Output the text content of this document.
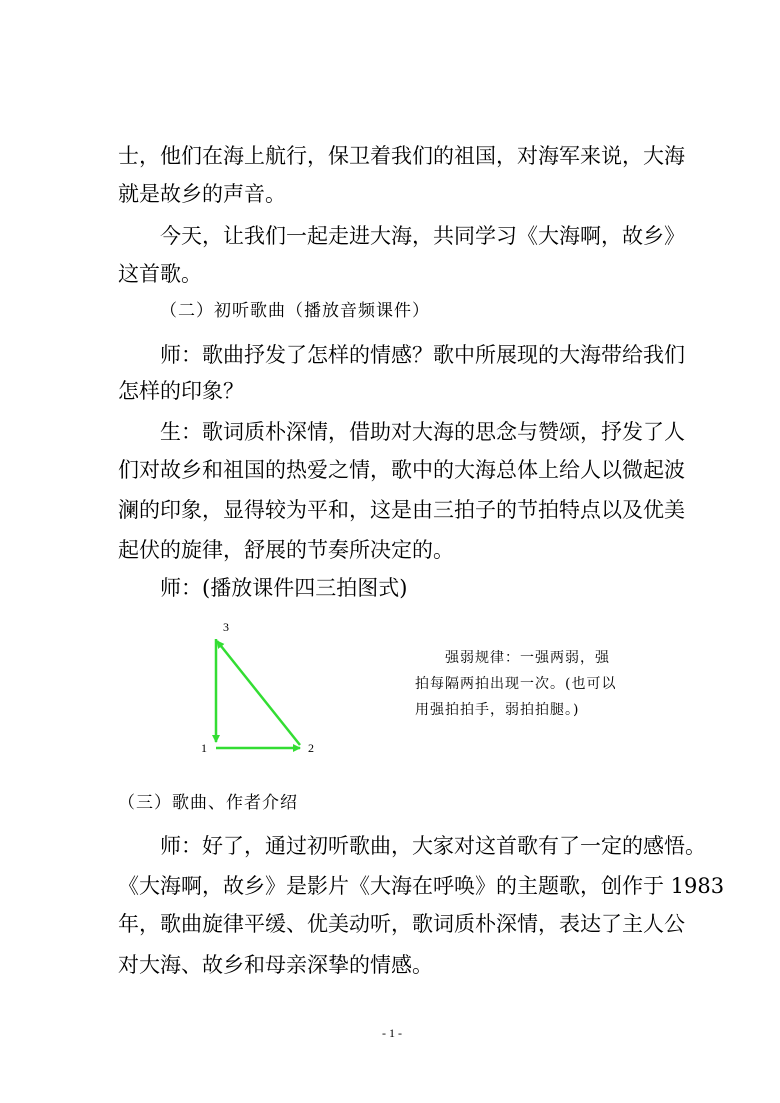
士，他们在海上航行，保卫着我们的祖国，对海军来说，大海
就是故乡的声音。
今天，让我们一起走进大海，共同学习《大海啊，故乡》
这首歌。
（二）初听歌曲（播放音频课件）
师：歌曲抒发了怎样的情感？歌中所展现的大海带给我们
怎样的印象？
生：歌词质朴深情，借助对大海的思念与赞颂，抒发了人
们对故乡和祖国的热爱之情，歌中的大海总体上给人以微起波
澜的印象，显得较为平和，这是由三拍子的节拍特点以及优美
起伏的旋律，舒展的节奏所决定的。
师：(播放课件四三拍图式)
1	2
3
强弱规律：一强两弱，强
拍每隔两拍出现一次。(也可以
用强拍拍手，弱拍拍腿。)
（三）歌曲、作者介绍
师：好了，通过初听歌曲，大家对这首歌有了一定的感悟。
《大海啊，故乡》是影片《大海在呼唤》的主题歌，创作于 1983
年，歌曲旋律平缓、优美动听，歌词质朴深情，表达了主人公
对大海、故乡和母亲深挚的情感。
- 1 -
